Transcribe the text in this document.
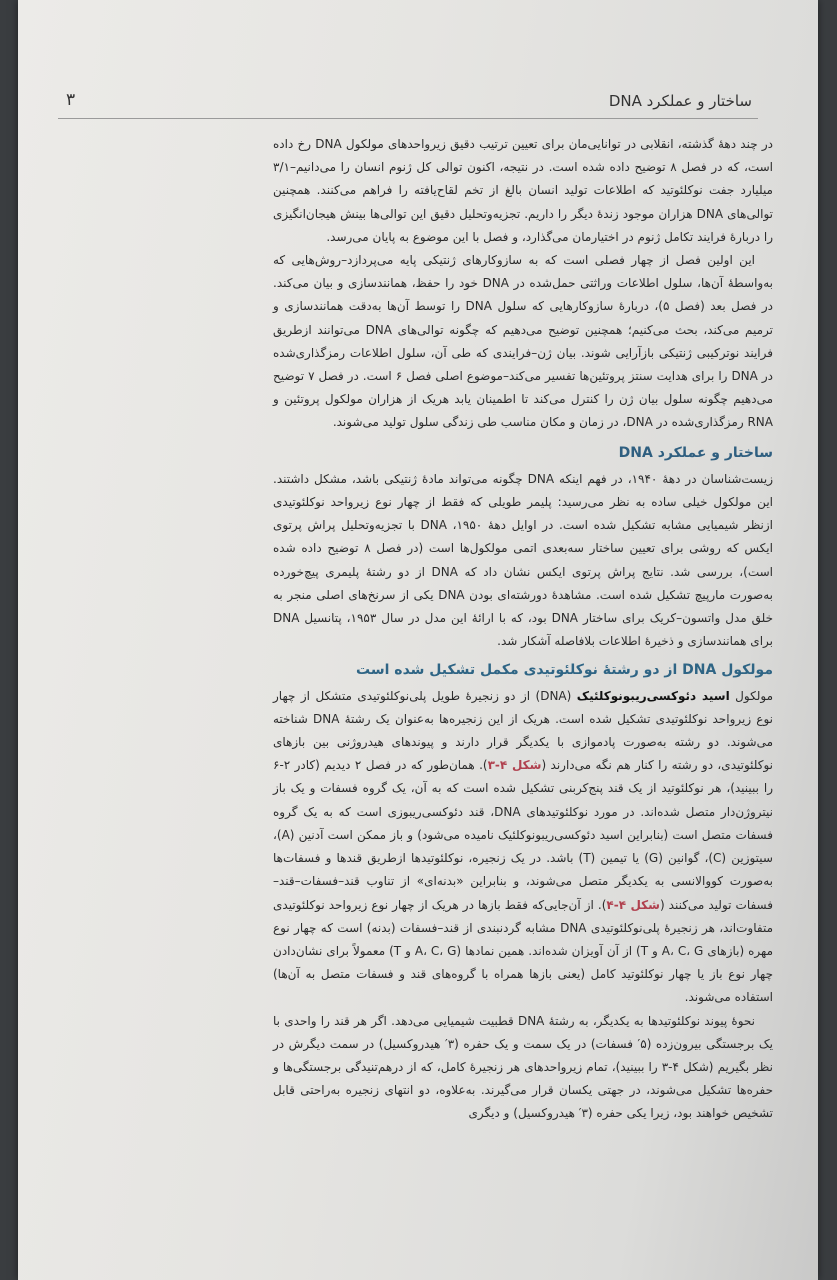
۳	ساختار و عملکرد DNA

در چند دهۀ گذشته، انقلابی در توانایی‌مان برای تعیین ترتیب دقیق زیرواحدهای مولکول DNA رخ داده است، که در فصل ۸ توضیح داده شده است. در نتیجه، اکنون توالی کل ژنوم انسان را می‌دانیم–۳/۱ میلیارد جفت نوکلئوتید که اطلاعات تولید انسان بالغ از تخم لقاح‌یافته را فراهم می‌کنند. همچنین توالی‌های DNA هزاران موجود زندۀ دیگر را داریم. تجزیه‌وتحلیل دقیق این توالی‌ها بینش هیجان‌انگیزی را دربارۀ فرایند تکامل ژنوم در اختیارمان می‌گذارد، و فصل با این موضوع به پایان می‌رسد.

این اولین فصل از چهار فصلی است که به سازوکارهای ژنتیکی پایه می‌پردازد–روش‌هایی که به‌واسطۀ آن‌ها، سلول اطلاعات وراثتی حمل‌شده در DNA خود را حفظ، همانندسازی و بیان می‌کند. در فصل بعد (فصل ۵)، دربارۀ سازوکارهایی که سلول DNA را توسط آن‌ها به‌دقت همانندسازی و ترمیم می‌کند، بحث می‌کنیم؛ همچنین توضیح می‌دهیم که چگونه توالی‌های DNA می‌توانند ازطریق فرایند نوترکیبی ژنتیکی بازآرایی شوند. بیان ژن–فرایندی که طی آن، سلول اطلاعات رمزگذاری‌شده در DNA را برای هدایت سنتز پروتئین‌ها تفسیر می‌کند–موضوع اصلی فصل ۶ است. در فصل ۷ توضیح می‌دهیم چگونه سلول بیان ژن را کنترل می‌کند تا اطمینان یابد هریک از هزاران مولکول پروتئین و RNA رمزگذاری‌شده در DNA، در زمان و مکان مناسب طی زندگی سلول تولید می‌شوند.

ساختار و عملکرد DNA

زیست‌شناسان در دهۀ ۱۹۴۰، در فهم اینکه DNA چگونه می‌تواند مادۀ ژنتیکی باشد، مشکل داشتند. این مولکول خیلی ساده به نظر می‌رسید: پلیمر طویلی که فقط از چهار نوع زیرواحد نوکلئوتیدی ازنظر شیمیایی مشابه تشکیل شده است. در اوایل دهۀ ۱۹۵۰، DNA با تجزیه‌وتحلیل پراش پرتوی ایکس که روشی برای تعیین ساختار سه‌بعدی اتمی مولکول‌ها است (در فصل ۸ توضیح داده شده است)، بررسی شد. نتایج پراش پرتوی ایکس نشان داد که DNA از دو رشتۀ پلیمری پیچ‌خورده به‌صورت مارپیچ تشکیل شده است. مشاهدۀ دورشته‌ای بودن DNA یکی از سرنخ‌های اصلی منجر به خلق مدل واتسون–کریک برای ساختار DNA بود، که با ارائۀ این مدل در سال ۱۹۵۳، پتانسیل DNA برای همانندسازی و ذخیرۀ اطلاعات بلافاصله آشکار شد.

مولکول DNA از دو رشتۀ نوکلئوتیدی مکمل تشکیل شده است

مولکول اسید دئوکسی‌ریبونوکلئیک (DNA) از دو زنجیرۀ طویل پلی‌نوکلئوتیدی متشکل از چهار نوع زیرواحد نوکلئوتیدی تشکیل شده است. هریک از این زنجیره‌ها به‌عنوان یک رشتۀ DNA شناخته می‌شوند. دو رشته به‌صورت پادموازی با یکدیگر قرار دارند و پیوندهای هیدروژنی بین بازهای نوکلئوتیدی، دو رشته را کنار هم نگه می‌دارند (شکل ۴-۳). همان‌طور که در فصل ۲ دیدیم (کادر ۲-۶ را ببینید)، هر نوکلئوتید از یک قند پنج‌کربنی تشکیل شده است که به آن، یک گروه فسفات و یک باز نیتروژن‌دار متصل شده‌اند. در مورد نوکلئوتیدهای DNA، قند دئوکسی‌ریبوزی است که به یک گروه فسفات متصل است (بنابراین اسید دئوکسی‌ریبونوکلئیک نامیده می‌شود) و باز ممکن است آدنین (A)، سیتوزین (C)، گوانین (G) یا تیمین (T) باشد. در یک زنجیره، نوکلئوتیدها ازطریق قندها و فسفات‌ها به‌صورت کووالانسی به یکدیگر متصل می‌شوند، و بنابراین «بدنه‌ای» از تناوب قند–فسفات–قند–فسفات تولید می‌کنند (شکل ۴-۴). از آن‌جایی‌که فقط بازها در هریک از چهار نوع زیرواحد نوکلئوتیدی متفاوت‌اند، هر زنجیرۀ پلی‌نوکلئوتیدی DNA مشابه گردنبندی از قند–فسفات (بدنه) است که چهار نوع مهره (بازهای A، C، G و T) از آن آویزان شده‌اند. همین نمادها (A، C، G و T) معمولاً برای نشان‌دادن چهار نوع باز یا چهار نوکلئوتید کامل (یعنی بازها همراه با گروه‌های قند و فسفات متصل به آن‌ها) استفاده می‌شوند.

نحوۀ پیوند نوکلئوتیدها به یکدیگر، به رشتۀ DNA قطبیت شیمیایی می‌دهد. اگر هر قند را واحدی با یک برجستگی بیرون‌زده (۵′ فسفات) در یک سمت و یک حفره (۳′ هیدروکسیل) در سمت دیگرش در نظر بگیریم (شکل ۴-۳ را ببینید)، تمام زیرواحدهای هر زنجیرۀ کامل، که از درهم‌تنیدگی برجستگی‌ها و حفره‌ها تشکیل می‌شوند، در جهتی یکسان قرار می‌گیرند. به‌علاوه، دو انتهای زنجیره به‌راحتی قابل تشخیص خواهند بود، زیرا یکی حفره (۳′ هیدروکسیل) و دیگری
